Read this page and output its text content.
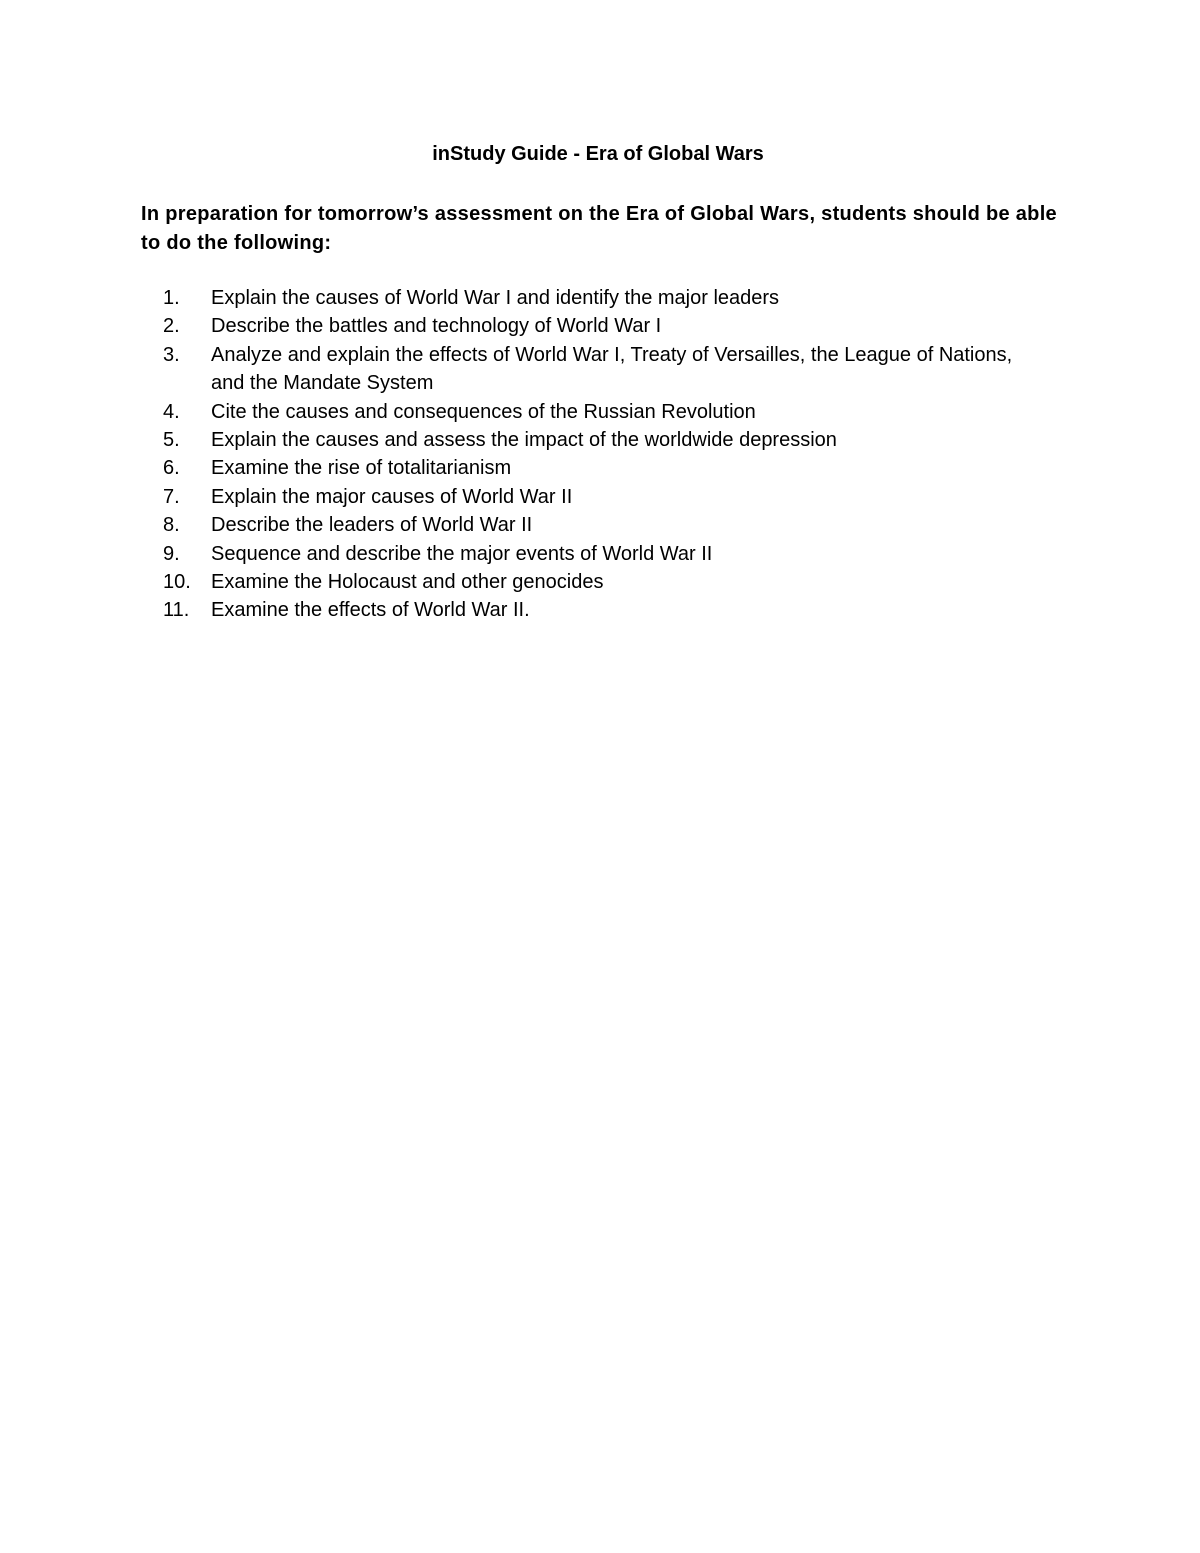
inStudy Guide - Era of Global Wars
In preparation for tomorrow’s assessment on the Era of Global Wars, students should be able to do the following:
1.	Explain the causes of World War I and identify the major leaders
2.	Describe the battles and technology of World War I
3.	Analyze and explain the effects of World War I, Treaty of Versailles, the League of Nations, and the Mandate System
4.	Cite the causes and consequences of the Russian Revolution
5.	Explain the causes and assess the impact of the worldwide depression
6.	Examine the rise of totalitarianism
7.	Explain the major causes of World War II
8.	Describe the leaders of World War II
9.	Sequence and describe the major events of World War II
10.	Examine the Holocaust and other genocides
11.	Examine the effects of World War II.
